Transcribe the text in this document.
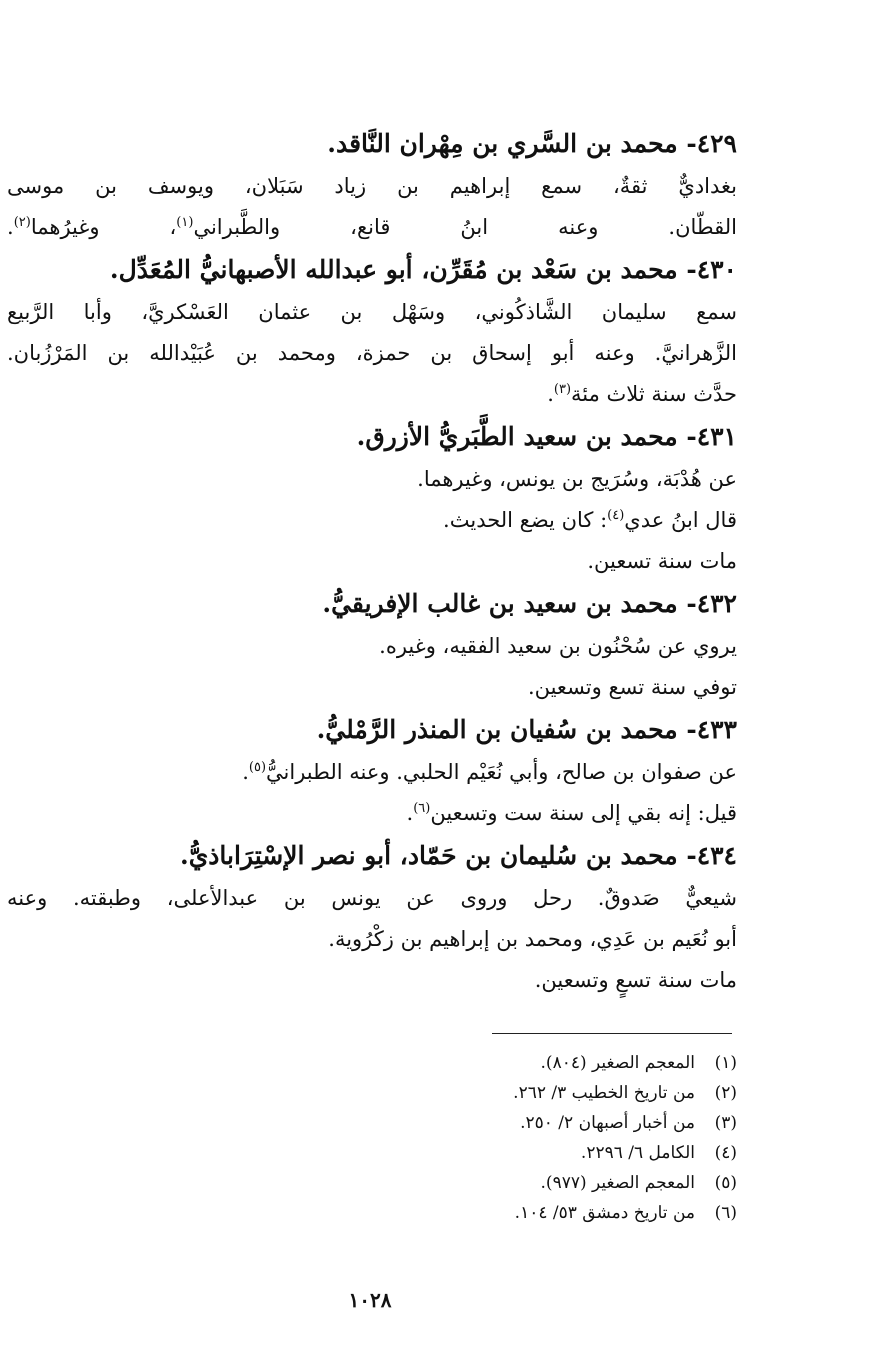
٤٢٩- محمد بن السَّري بن مِهْران النَّاقد.
بغداديٌّ ثقةٌ، سمع إبراهيم بن زياد سَبَلان، ويوسف بن موسى
القطّان. وعنه ابنُ قانع، والطَّبراني$^{(١)}$، وغيرُهما$^{(٢)}$.
٤٣٠- محمد بن سَعْد بن مُقَرِّن، أبو عبدالله الأصبهانيُّ المُعَدِّل.
سمع سليمان الشَّاذكُوني، وسَهْل بن عثمان العَسْكريَّ، وأبا الرَّبيع
الزَّهرانيَّ. وعنه أبو إسحاق بن حمزة، ومحمد بن عُبَيْدالله بن المَرْزُبان.
حدَّث سنة ثلاث مئة$^{(٣)}$.
٤٣١- محمد بن سعيد الطَّبَريُّ الأزرق.
عن هُدْبَة، وسُرَيج بن يونس، وغيرهما.
قال ابنُ عدي$^{(٤)}$: كان يضع الحديث.
مات سنة تسعين.
٤٣٢- محمد بن سعيد بن غالب الإفريقيُّ.
يروي عن سُحْنُون بن سعيد الفقيه، وغيره.
توفي سنة تسع وتسعين.
٤٣٣- محمد بن سُفيان بن المنذر الرَّمْليُّ.
عن صفوان بن صالح، وأبي نُعَيْم الحلبي. وعنه الطبرانيُّ$^{(٥)}$.
قيل: إنه بقي إلى سنة ست وتسعين$^{(٦)}$.
٤٣٤- محمد بن سُليمان بن حَمّاد، أبو نصر الإسْتِرَاباذيُّ.
شيعيٌّ صَدوقٌ. رحل وروى عن يونس بن عبدالأعلى، وطبقته. وعنه
أبو نُعَيم بن عَدِي، ومحمد بن إبراهيم بن زكْرُوية.
مات سنة تسعٍ وتسعين.
(١)المعجم الصغير (٨٠٤).
(٢)من تاريخ الخطيب ٣/ ٢٦٢.
(٣)من أخبار أصبهان ٢/ ٢٥٠.
(٤)الكامل ٦/ ٢٢٩٦.
(٥)المعجم الصغير (٩٧٧).
(٦)من تاريخ دمشق ٥٣/ ١٠٤.
١٠٢٨
